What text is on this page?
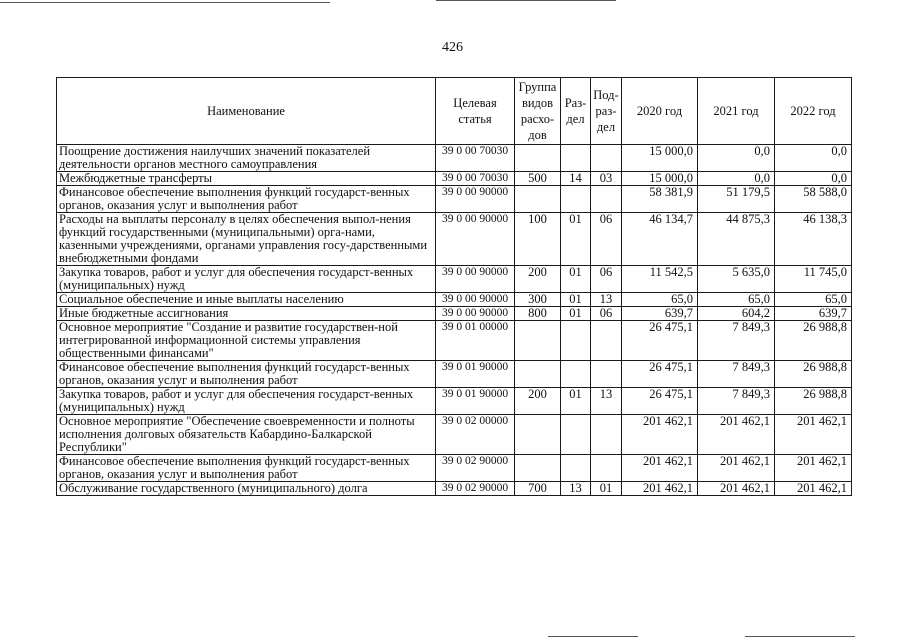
426
Наименование	Целевая статья	Группа видов расхо-дов	Раз-дел	Под-раз-дел	2020 год	2021 год	2022 год
Поощрение достижения наилучших значений показателей деятельности органов местного самоуправления	39 0 00 70030				15 000,0	0,0	0,0
Межбюджетные трансферты	39 0 00 70030	500	14	03	15 000,0	0,0	0,0
Финансовое обеспечение выполнения функций государст-венных органов, оказания услуг и выполнения работ	39 0 00 90000				58 381,9	51 179,5	58 588,0
Расходы на выплаты персоналу в целях обеспечения выпол-нения функций государственными (муниципальными) орга-нами, казенными учреждениями, органами управления госу-дарственными внебюджетными фондами	39 0 00 90000	100	01	06	46 134,7	44 875,3	46 138,3
Закупка товаров, работ и услуг для обеспечения государст-венных (муниципальных) нужд	39 0 00 90000	200	01	06	11 542,5	5 635,0	11 745,0
Социальное обеспечение и иные выплаты населению	39 0 00 90000	300	01	13	65,0	65,0	65,0
Иные бюджетные ассигнования	39 0 00 90000	800	01	06	639,7	604,2	639,7
Основное мероприятие "Создание и развитие государствен-ной интегрированной информационной системы управления общественными финансами"	39 0 01 00000				26 475,1	7 849,3	26 988,8
Финансовое обеспечение выполнения функций государст-венных органов, оказания услуг и выполнения работ	39 0 01 90000				26 475,1	7 849,3	26 988,8
Закупка товаров, работ и услуг для обеспечения государст-венных (муниципальных) нужд	39 0 01 90000	200	01	13	26 475,1	7 849,3	26 988,8
Основное мероприятие "Обеспечение своевременности и полноты исполнения долговых обязательств Кабардино-Балкарской Республики"	39 0 02 00000				201 462,1	201 462,1	201 462,1
Финансовое обеспечение выполнения функций государст-венных органов, оказания услуг и выполнения работ	39 0 02 90000				201 462,1	201 462,1	201 462,1
Обслуживание государственного (муниципального) долга	39 0 02 90000	700	13	01	201 462,1	201 462,1	201 462,1
